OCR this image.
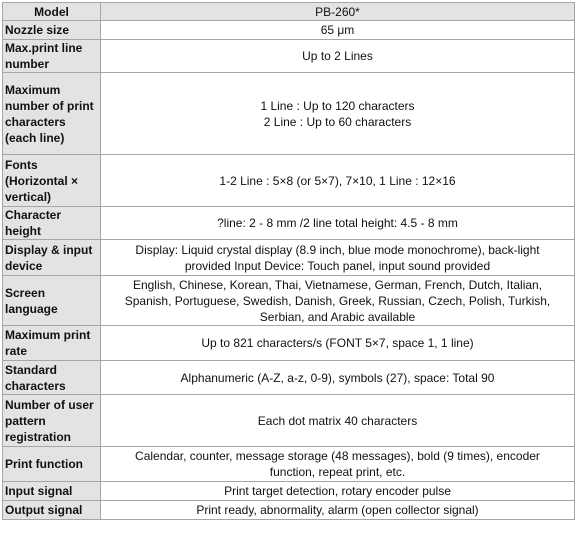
Model	PB-260*
Nozzle size	65 μm
Max.print line number	Up to 2 Lines
Maximum number of print characters (each line)	1 Line : Up to 120 characters
2 Line : Up to 60 characters
Fonts (Horizontal × vertical)	1-2 Line : 5×8 (or 5×7), 7×10, 1 Line : 12×16
Character height	?line: 2 - 8 mm /2 line total height: 4.5 - 8 mm
Display & input device	Display: Liquid crystal display (8.9 inch, blue mode monochrome), back-light
provided Input Device: Touch panel, input sound provided
Screen language	English, Chinese, Korean, Thai, Vietnamese, German, French, Dutch, Italian,
Spanish, Portuguese, Swedish, Danish, Greek, Russian, Czech, Polish, Turkish,
Serbian, and Arabic available
Maximum print rate	Up to 821 characters/s (FONT 5×7, space 1, 1 line)
Standard characters	Alphanumeric (A-Z, a-z, 0-9), symbols (27), space: Total 90
Number of user pattern registration	Each dot matrix 40 characters
Print function	Calendar, counter, message storage (48 messages), bold (9 times), encoder
function, repeat print, etc.
Input signal	Print target detection, rotary encoder pulse
Output signal	Print ready, abnormality, alarm (open collector signal)
